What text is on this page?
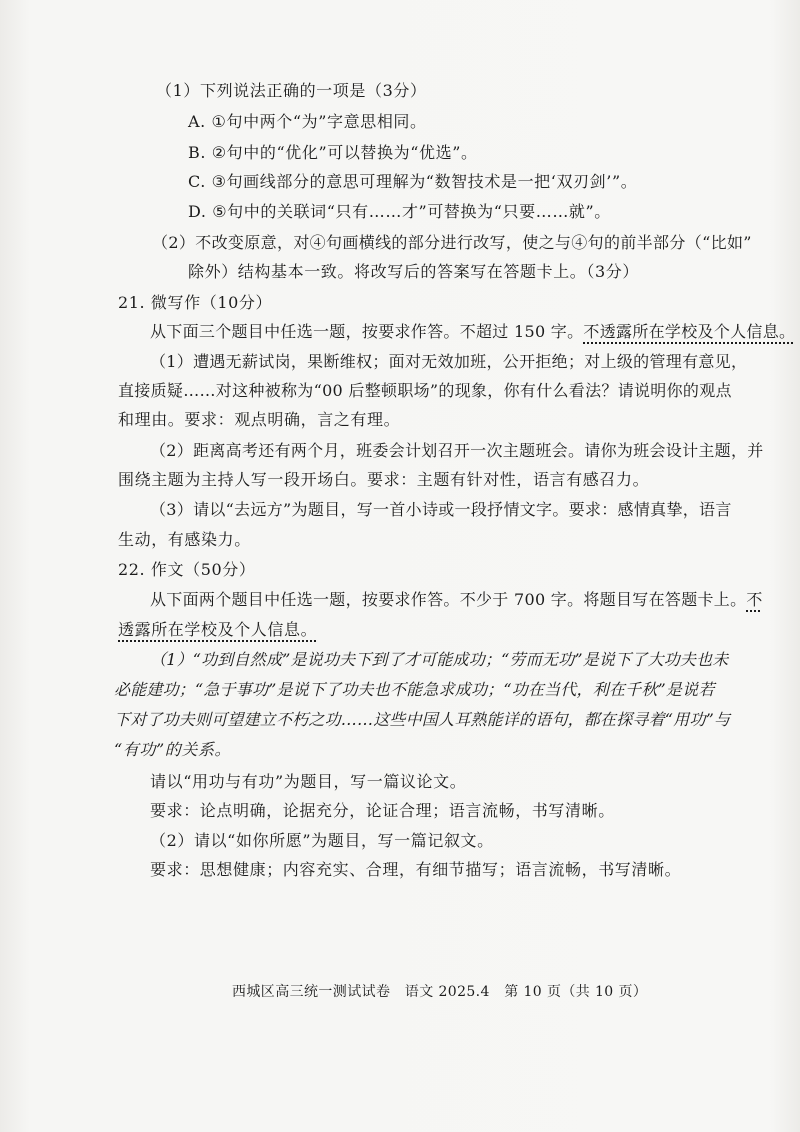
（1）下列说法正确的一项是（3分）
A. ①句中两个“为”字意思相同。
B. ②句中的“优化”可以替换为“优选”。
C. ③句画线部分的意思可理解为“数智技术是一把‘双刃剑’”。
D. ⑤句中的关联词“只有……才”可替换为“只要……就”。
（2）不改变原意，对④句画横线的部分进行改写，使之与④句的前半部分（“比如”
除外）结构基本一致。将改写后的答案写在答题卡上。（3分）
21. 微写作（10分）
从下面三个题目中任选一题，按要求作答。不超过 150 字。不透露所在学校及个人信息。
（1）遭遇无薪试岗，果断维权；面对无效加班，公开拒绝；对上级的管理有意见，
直接质疑……对这种被称为“00 后整顿职场”的现象，你有什么看法？请说明你的观点
和理由。要求：观点明确，言之有理。
（2）距离高考还有两个月，班委会计划召开一次主题班会。请你为班会设计主题，并
围绕主题为主持人写一段开场白。要求：主题有针对性，语言有感召力。
（3）请以“去远方”为题目，写一首小诗或一段抒情文字。要求：感情真挚，语言
生动，有感染力。
22. 作文（50分）
从下面两个题目中任选一题，按要求作答。不少于 700 字。将题目写在答题卡上。不
透露所在学校及个人信息。
（1）“功到自然成”是说功夫下到了才可能成功；“劳而无功”是说下了大功夫也未
必能建功；“急于事功”是说下了功夫也不能急求成功；“功在当代，利在千秋”是说若
下对了功夫则可望建立不朽之功……这些中国人耳熟能详的语句，都在探寻着“用功”与
“有功”的关系。
请以“用功与有功”为题目，写一篇议论文。
要求：论点明确，论据充分，论证合理；语言流畅，书写清晰。
（2）请以“如你所愿”为题目，写一篇记叙文。
要求：思想健康；内容充实、合理，有细节描写；语言流畅，书写清晰。
西城区高三统一测试试卷　语文 2025.4　第 10 页（共 10 页）
